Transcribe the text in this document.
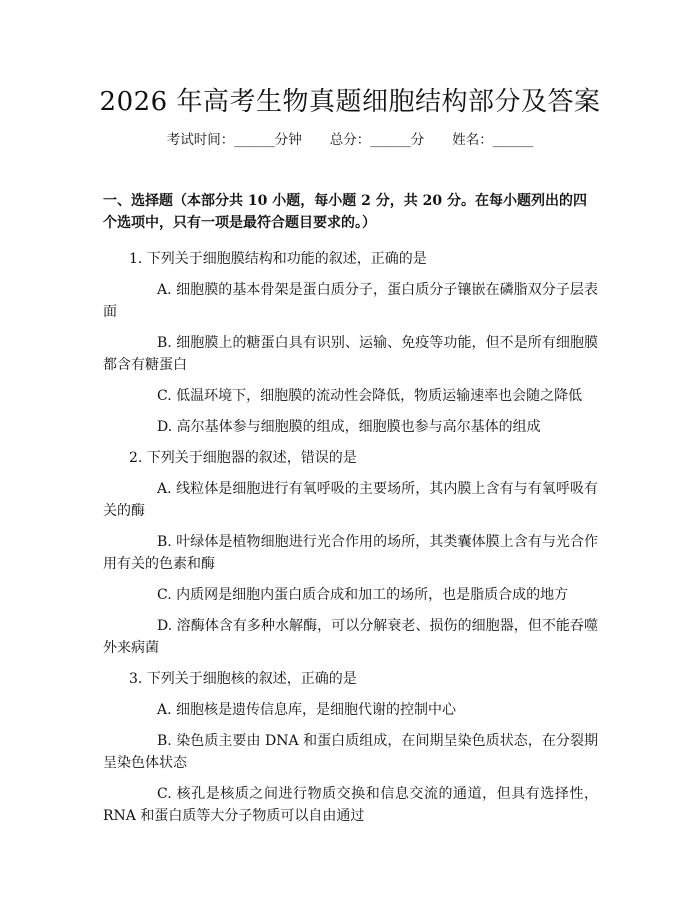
2026 年高考生物真题细胞结构部分及答案
考试时间：______分钟 总分：______分 姓名：______
一、选择题（本部分共 10 小题，每小题 2 分，共 20 分。在每小题列出的四个选项中，只有一项是最符合题目要求的。）
1. 下列关于细胞膜结构和功能的叙述，正确的是
A. 细胞膜的基本骨架是蛋白质分子，蛋白质分子镶嵌在磷脂双分子层表面
B. 细胞膜上的糖蛋白具有识别、运输、免疫等功能，但不是所有细胞膜都含有糖蛋白
C. 低温环境下，细胞膜的流动性会降低，物质运输速率也会随之降低
D. 高尔基体参与细胞膜的组成，细胞膜也参与高尔基体的组成
2. 下列关于细胞器的叙述，错误的是
A. 线粒体是细胞进行有氧呼吸的主要场所，其内膜上含有与有氧呼吸有关的酶
B. 叶绿体是植物细胞进行光合作用的场所，其类囊体膜上含有与光合作用有关的色素和酶
C. 内质网是细胞内蛋白质合成和加工的场所，也是脂质合成的地方
D. 溶酶体含有多种水解酶，可以分解衰老、损伤的细胞器，但不能吞噬外来病菌
3. 下列关于细胞核的叙述，正确的是
A. 细胞核是遗传信息库，是细胞代谢的控制中心
B. 染色质主要由 DNA 和蛋白质组成，在间期呈染色质状态，在分裂期呈染色体状态
C. 核孔是核质之间进行物质交换和信息交流的通道，但具有选择性，RNA 和蛋白质等大分子物质可以自由通过
